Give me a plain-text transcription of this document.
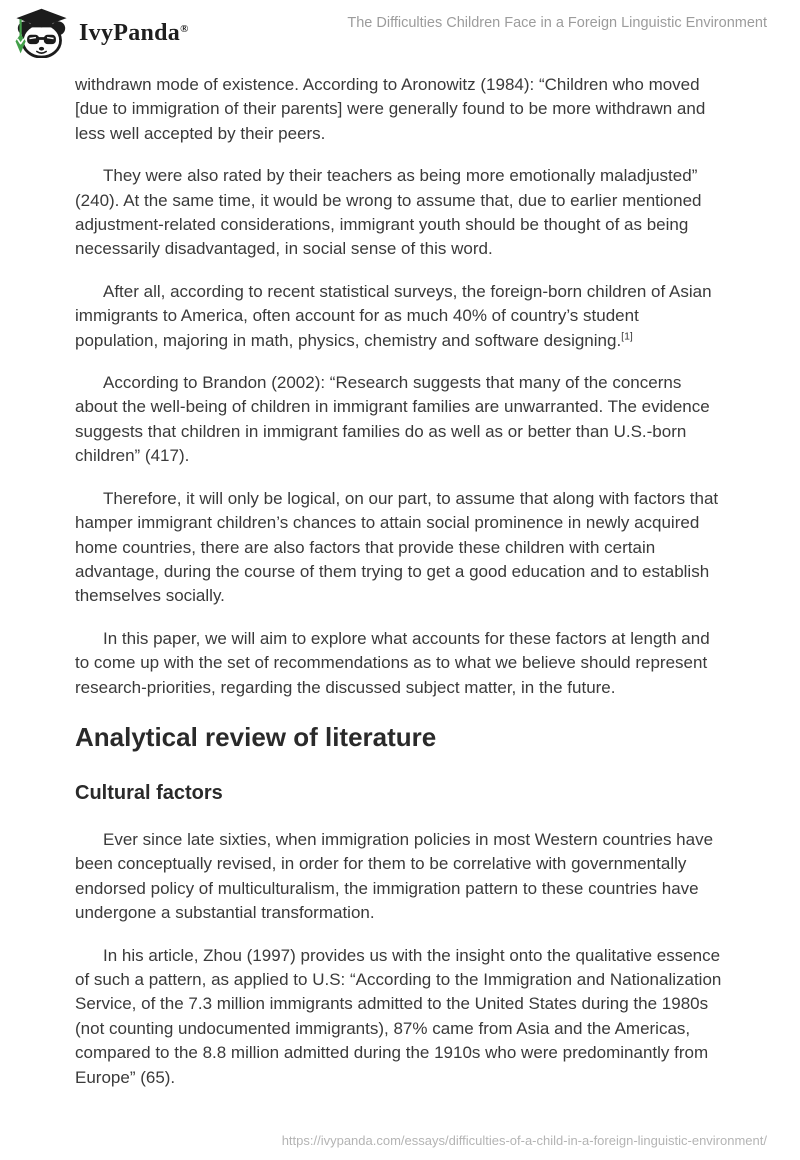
IvyPanda®	The Difficulties Children Face in a Foreign Linguistic Environment

withdrawn mode of existence. According to Aronowitz (1984): “Children who moved [due to immigration of their parents] were generally found to be more withdrawn and less well accepted by their peers.

They were also rated by their teachers as being more emotionally maladjusted” (240). At the same time, it would be wrong to assume that, due to earlier mentioned adjustment-related considerations, immigrant youth should be thought of as being necessarily disadvantaged, in social sense of this word.

After all, according to recent statistical surveys, the foreign-born children of Asian immigrants to America, often account for as much 40% of country’s student population, majoring in math, physics, chemistry and software designing.[1]

According to Brandon (2002): “Research suggests that many of the concerns about the well-being of children in immigrant families are unwarranted. The evidence suggests that children in immigrant families do as well as or better than U.S.-born children” (417).

Therefore, it will only be logical, on our part, to assume that along with factors that hamper immigrant children’s chances to attain social prominence in newly acquired home countries, there are also factors that provide these children with certain advantage, during the course of them trying to get a good education and to establish themselves socially.

In this paper, we will aim to explore what accounts for these factors at length and to come up with the set of recommendations as to what we believe should represent research-priorities, regarding the discussed subject matter, in the future.

Analytical review of literature
Cultural factors

Ever since late sixties, when immigration policies in most Western countries have been conceptually revised, in order for them to be correlative with governmentally endorsed policy of multiculturalism, the immigration pattern to these countries have undergone a substantial transformation.

In his article, Zhou (1997) provides us with the insight onto the qualitative essence of such a pattern, as applied to U.S: “According to the Immigration and Nationalization Service, of the 7.3 million immigrants admitted to the United States during the 1980s (not counting undocumented immigrants), 87% came from Asia and the Americas, compared to the 8.8 million admitted during the 1910s who were predominantly from Europe” (65).

https://ivypanda.com/essays/difficulties-of-a-child-in-a-foreign-linguistic-environment/
